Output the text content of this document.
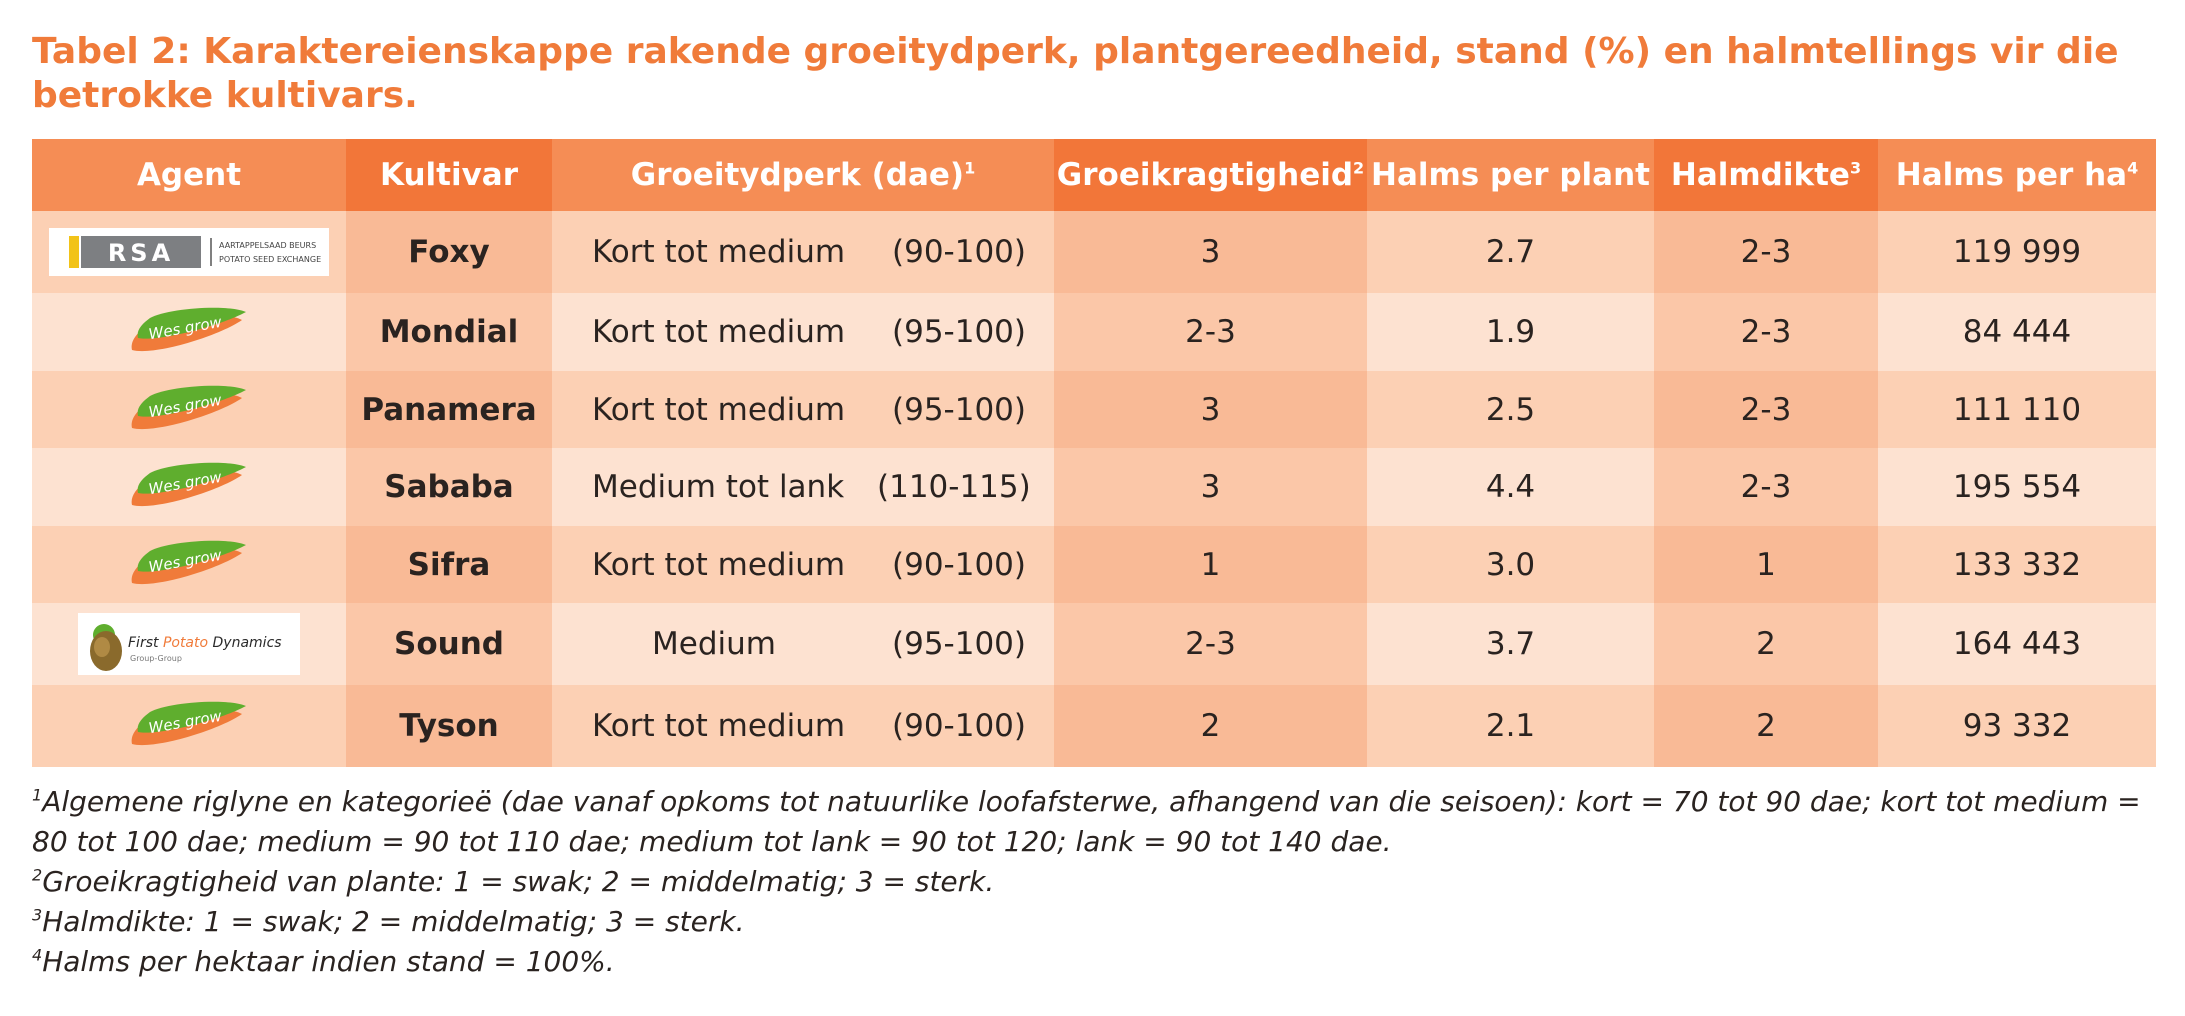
Tabel 2: Karaktereienskappe rakende groeitydperk, plantgereedheid, stand (%) en halmtellings vir die betrokke kultivars.
Agent	Kultivar	Groeitydperk (dae)$^1$	Groeikragtigheid$^2$	Halms per plant	Halmdikte$^3$	Halms per $ha^4$

RSA AARTAPPELSAAD BEURS
POTATO SEED EXCHANGE	Foxy	Kort tot medium (90-100)	3	2.7	2-3	119 999

Wes grow	Mondial	Kort tot medium (95-100)	2-3	1.9	2-3	84 444

Wes grow	Panamera	Kort tot medium (95-100)	3	2.5	2-3	111 110

Wes grow	Sababa	Medium tot lank (110-115)	3	4.4	2-3	195 554

Wes grow	Sifra	Kort tot medium (90-100)	1	3.0	1	133 332

First Potato Dynamics
Group-Group	Sound	Medium (95-100)	2-3	3.7	2	164 443

Wes grow	Tyson	Kort tot medium (90-100)	2	2.1	2	93 332

$^1$Algemene riglyne en kategorieë (dae vanaf opkoms tot natuurlike loofafsterwe, afhangend van die seisoen): kort = 70 tot 90 dae; kort tot medium = 80 tot 100 dae; medium = 90 tot 110 dae; medium tot lank = 90 tot 120; lank = 90 tot 140 dae.

$^2$Groeikragtigheid van plante: 1 = swak; 2 = middelmatig; 3 = sterk.

$^3$Halmdikte: 1 = swak; 2 = middelmatig; 3 = sterk.

$^4$Halms per hektaar indien stand = 100%.
